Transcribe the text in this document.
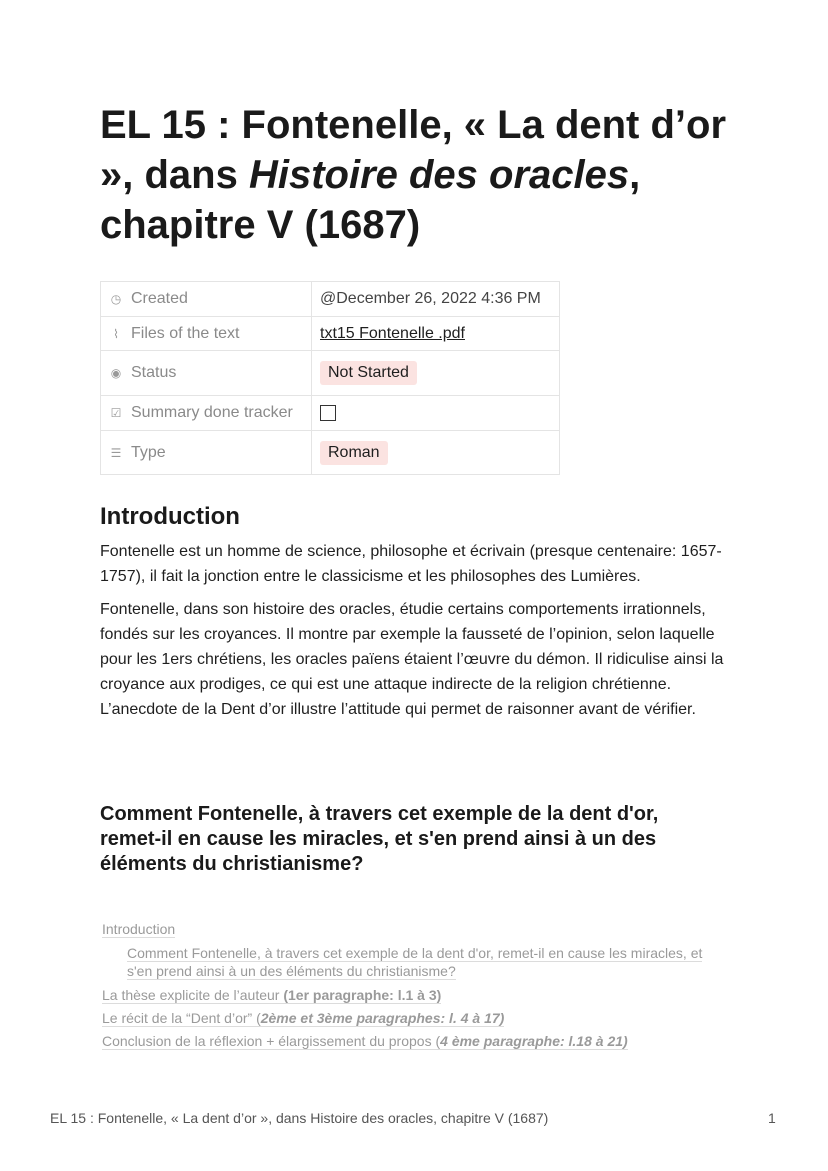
EL 15 : Fontenelle, « La dent d’or », dans Histoire des oracles, chapitre V (1687)
◷ Created	@December 26, 2022 4:36 PM
⌇ Files of the text	txt15 Fontenelle .pdf
◉ Status	Not Started
☑ Summary done tracker	
☰ Type	Roman
Introduction

Fontenelle est un homme de science, philosophe et écrivain (presque centenaire: 1657-1757), il fait la jonction entre le classicisme et les philosophes des Lumières.

Fontenelle, dans son histoire des oracles, étudie certains comportements irrationnels, fondés sur les croyances. Il montre par exemple la fausseté de l’opinion, selon laquelle pour les 1ers chrétiens, les oracles païens étaient l’œuvre du démon. Il ridiculise ainsi la croyance aux prodiges, ce qui est une attaque indirecte de la religion chrétienne. L’anecdote de la Dent d’or illustre l’attitude qui permet de raisonner avant de vérifier.

Comment Fontenelle, à travers cet exemple de la dent d'or, remet-il en cause les miracles, et s'en prend ainsi à un des éléments du christianisme?
Introduction
Comment Fontenelle, à travers cet exemple de la dent d'or, remet-il en cause les miracles, et s'en prend ainsi à un des éléments du christianisme?
La thèse explicite de l’auteur (1er paragraphe: l.1 à 3)
Le récit de la “Dent d’or” (2ème et 3ème paragraphes: l. 4 à 17)
Conclusion de la réflexion + élargissement du propos (4 ème paragraphe: l.18 à 21)
EL 15 : Fontenelle, « La dent d’or », dans Histoire des oracles, chapitre V (1687)	1
